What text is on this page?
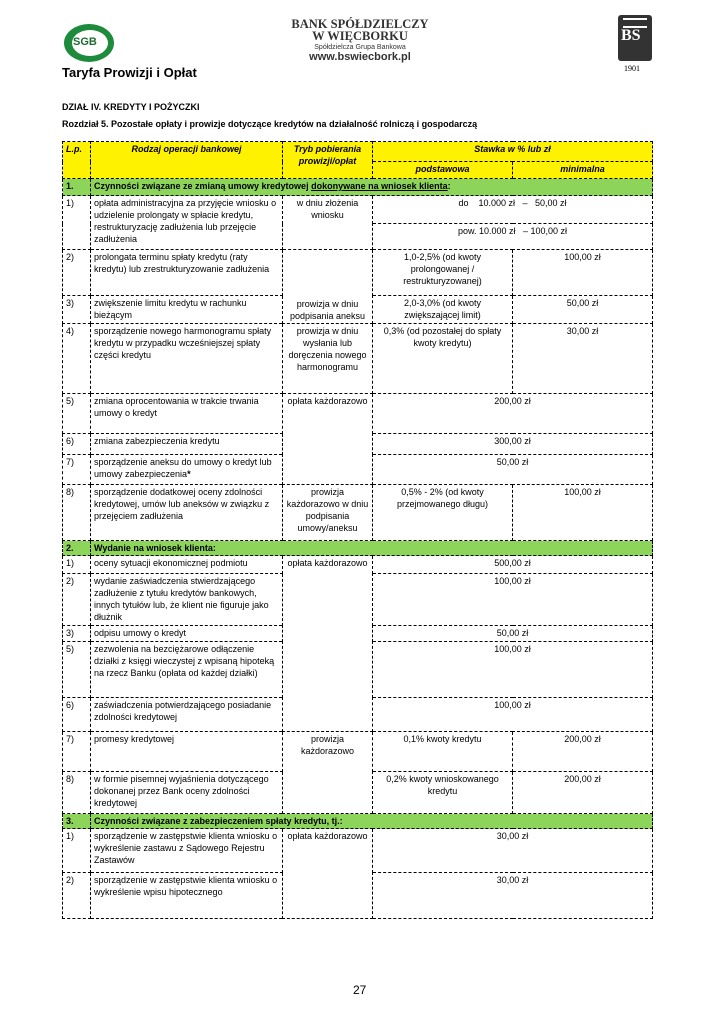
SGB
Taryfa Prowizji i Opłat
BANK SPÓŁDZIELCZY
W WIĘCBORKU
Spółdzielcza Grupa Bankowa
www.bswiecbork.pl
BS
1901
DZIAŁ IV. KREDYTY I POŻYCZKI
Rozdział 5. Pozostałe opłaty i prowizje dotyczące kredytów na działalność rolniczą i gospodarczą
L.p.	Rodzaj operacji bankowej	Tryb pobierania prowizji/opłat	Stawka w % lub zł	
			podstawowa	minimalna
1.	Czynności związane ze zmianą umowy kredytowej dokonywane na wniosek klienta:			
1)	opłata administracyjna za przyjęcie wniosku o udzielenie prolongaty w spłacie kredytu, restrukturyzację zadłużenia lub przejęcie zadłużenia	w dniu złożenia wniosku	do    10.000 zł   –   50,00 zł	
			pow. 10.000 zł   – 100,00 zł	
2)	prolongata terminu spłaty kredytu (raty kredytu) lub zrestrukturyzowanie zadłużenia	prowizja w dniu podpisania aneksu	1,0-2,5% (od kwoty prolongowanej / restrukturyzowanej)	100,00 zł
3)	zwiększenie limitu kredytu w rachunku bieżącym		2,0-3,0% (od kwoty zwiększającej limit)	50,00 zł
4)	sporządzenie nowego harmonogramu spłaty kredytu w przypadku wcześniejszej spłaty części kredytu	prowizja w dniu wysłania lub doręczenia nowego harmonogramu	0,3% (od pozostałej do spłaty kwoty kredytu)	30,00 zł
5)	zmiana oprocentowania w trakcie trwania umowy o kredyt	opłata każdorazowo	200,00 zł	
6)	zmiana zabezpieczenia kredytu		300,00 zł	
7)	sporządzenie aneksu do umowy o kredyt lub umowy zabezpieczenia*		50,00 zł	
8)	sporządzenie dodatkowej oceny zdolności kredytowej, umów lub aneksów w związku z przejęciem zadłużenia	prowizja każdorazowo w dniu podpisania umowy/aneksu	0,5% - 2% (od kwoty przejmowanego długu)	100,00 zł
2.	Wydanie na wniosek klienta:			
1)	oceny sytuacji ekonomicznej podmiotu	opłata każdorazowo	500,00 zł	
2)	wydanie zaświadczenia stwierdzającego zadłużenie z tytułu kredytów bankowych, innych tytułów lub, że klient nie figuruje jako dłużnik		100,00 zł	
3)	odpisu umowy o kredyt		50,00 zł	
5)	zezwolenia na bezciężarowe odłączenie działki z księgi wieczystej z wpisaną hipoteką na rzecz Banku (opłata od każdej działki)		100,00 zł	
6)	zaświadczenia potwierdzającego posiadanie zdolności kredytowej		100,00 zł	
7)	promesy kredytowej	prowizja każdorazowo	0,1% kwoty kredytu	200,00 zł
8)	w formie pisemnej wyjaśnienia dotyczącego dokonanej przez Bank oceny zdolności kredytowej		0,2% kwoty wnioskowanego kredytu	200,00 zł
3.	Czynności związane z zabezpieczeniem spłaty kredytu, tj.:			
1)	sporządzenie w zastępstwie klienta wniosku o wykreślenie zastawu z Sądowego Rejestru Zastawów	opłata każdorazowo	30,00 zł	
2)	sporządzenie w zastępstwie klienta wniosku o wykreślenie wpisu hipotecznego		30,00 zł	
27
